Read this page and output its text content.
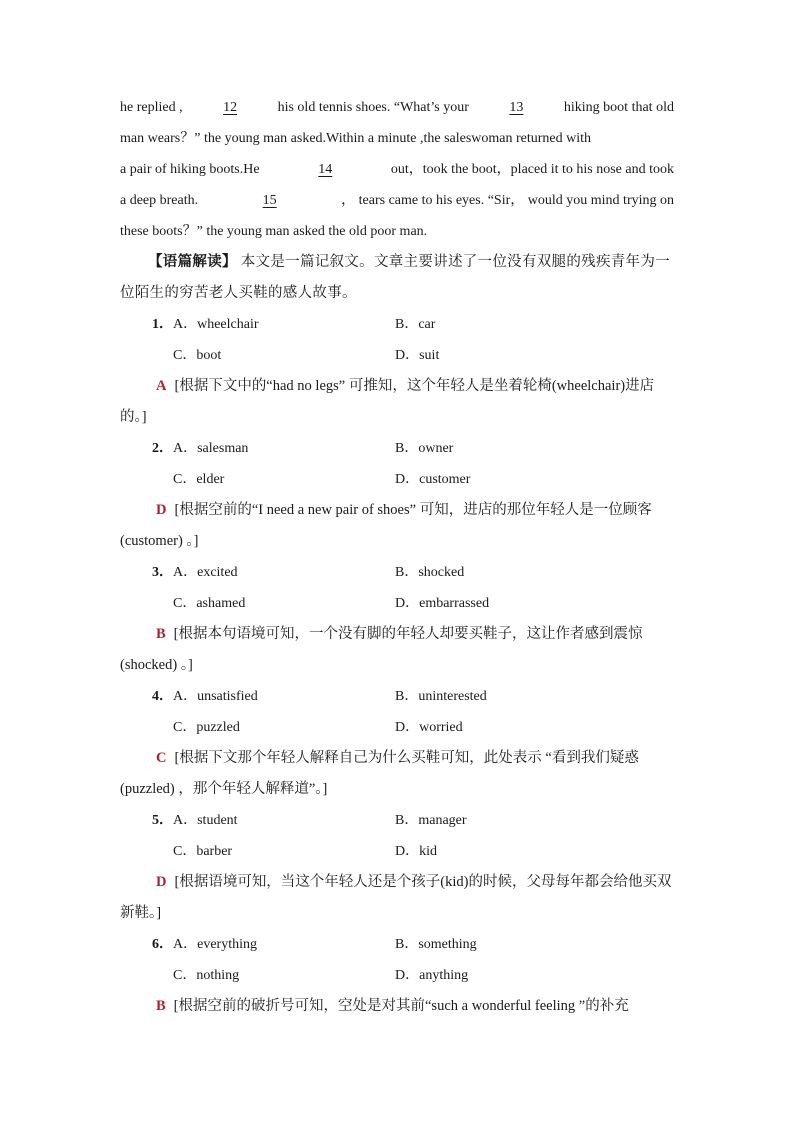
he replied ,	12	his old tennis shoes. “What’s your	13	hiking boot that old
man wears？” the young man asked.Within a minute ,the saleswoman returned with
a pair of hiking boots.He	14	out，took the boot，placed it to his nose and took
a deep breath.	15	， tears came to his eyes. “Sir， would you mind trying on
these boots？” the young man asked the old poor man.
【语篇解读】 本文是一篇记叙文。文章主要讲述了一位没有双腿的残疾青年为一位陌生的穷苦老人买鞋的感人故事。
1．A．wheelchair	B．car
C．boot	D．suit
A [根据下文中的“had no legs” 可推知，这个年轻人是坐着轮椅(wheelchair)进店的。]
2．A．salesman	B．owner
C．elder	D．customer
D [根据空前的“I need a new pair of shoes” 可知，进店的那位年轻人是一位顾客(customer) 。]
3．A．excited	B．shocked
C．ashamed	D．embarrassed
B [根据本句语境可知，一个没有脚的年轻人却要买鞋子，这让作者感到震惊(shocked) 。]
4．A．unsatisfied	B．uninterested
C．puzzled	D．worried
C [根据下文那个年轻人解释自己为什么买鞋可知，此处表示 “看到我们疑惑(puzzled) ，那个年轻人解释道”。]
5．A．student	B．manager
C．barber	D．kid
D [根据语境可知，当这个年轻人还是个孩子(kid)的时候，父母每年都会给他买双新鞋。]
6．A．everything	B．something
C．nothing	D．anything
B [根据空前的破折号可知，空处是对其前“such a wonderful feeling ”的补充
